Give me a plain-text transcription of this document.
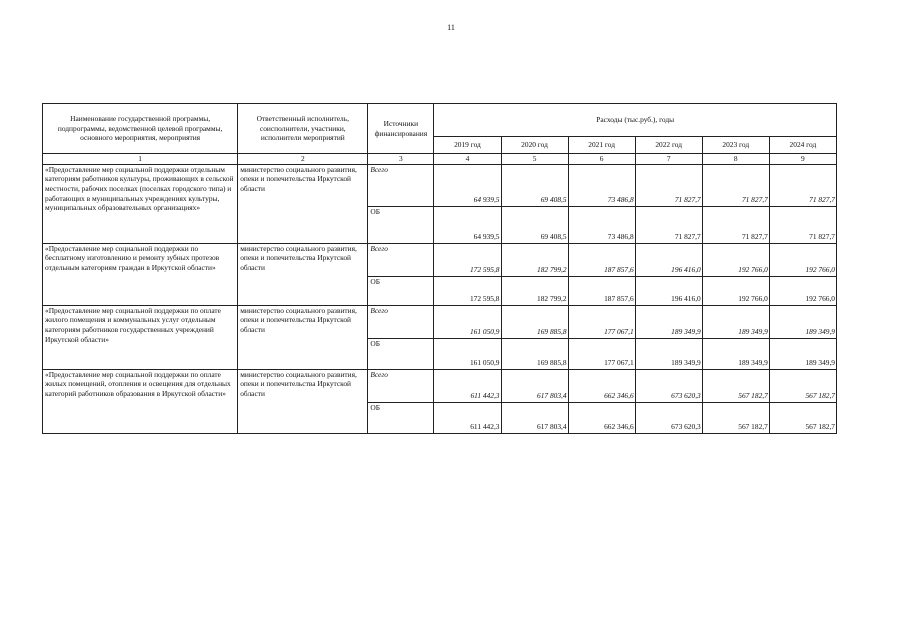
11
Наименование государственной программы, подпрограммы, ведомственной целевой программы, основного мероприятия, мероприятия	Ответственный исполнитель, соисполнители, участники, исполнители мероприятий	Источники финансирования	Расходы (тыс.руб.), годы					
			2019 год	2020 год	2021 год	2022 год	2023 год	2024 год
1	2	3	4	5	6	7	8	9
«Предоставление мер социальной поддержки отдельным категориям работников культуры, проживающих в сельской местности, рабочих поселках (поселках городского типа) и работающих в муниципальных учреждениях культуры, муниципальных образовательных организациях»	министерство социального развития, опеки и попечительства Иркутской области	Всего	64 939,5	69 408,5	73 486,8	71 827,7	71 827,7	71 827,7
		ОБ	64 939,5	69 408,5	73 486,8	71 827,7	71 827,7	71 827,7
«Предоставление мер социальной поддержки по бесплатному изготовлению и ремонту зубных протезов отдельным категориям граждан в Иркутской области»	министерство социального развития, опеки и попечительства Иркутской области	Всего	172 595,8	182 799,2	187 857,6	196 416,0	192 766,0	192 766,0
		ОБ	172 595,8	182 799,2	187 857,6	196 416,0	192 766,0	192 766,0
«Предоставление мер социальной поддержки по оплате жилого помещения и коммунальных услуг отдельным категориям работников государственных учреждений Иркутской области»	министерство социального развития, опеки и попечительства Иркутской области	Всего	161 050,9	169 885,8	177 067,1	189 349,9	189 349,9	189 349,9
		ОБ	161 050,9	169 885,8	177 067,1	189 349,9	189 349,9	189 349,9
«Предоставление мер социальной поддержки по оплате жилых помещений, отопления и освещения для отдельных категорий работников образования в Иркутской области»	министерство социального развития, опеки и попечительства Иркутской области	Всего	611 442,3	617 803,4	662 346,6	673 620,3	567 182,7	567 182,7
		ОБ	611 442,3	617 803,4	662 346,6	673 620,3	567 182,7	567 182,7
